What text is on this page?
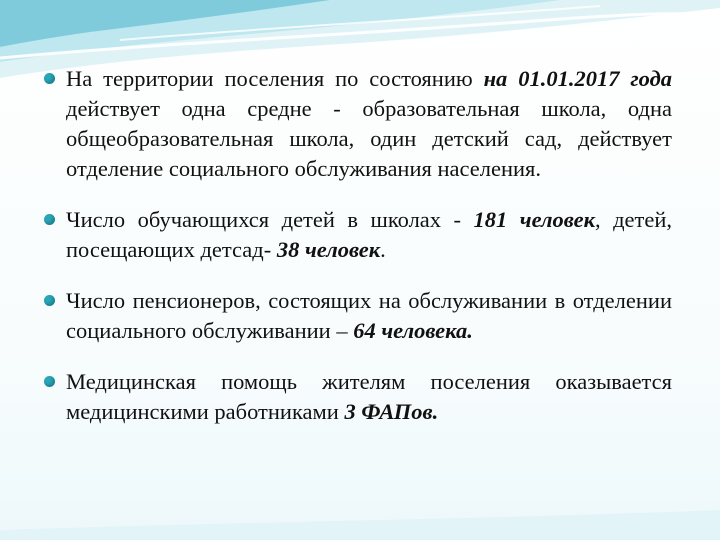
На территории поселения по состоянию на 01.01.2017 года действует одна средне - образовательная школа, одна общеобразовательная школа, один детский сад, действует отделение социального обслуживания населения.
Число обучающихся детей в школах - 181 человек, детей, посещающих детсад- 38 человек.
Число пенсионеров, состоящих на обслуживании в отделении социального обслуживании – 64 человека.
Медицинская помощь жителям поселения оказывается медицинскими работниками 3 ФАПов.
